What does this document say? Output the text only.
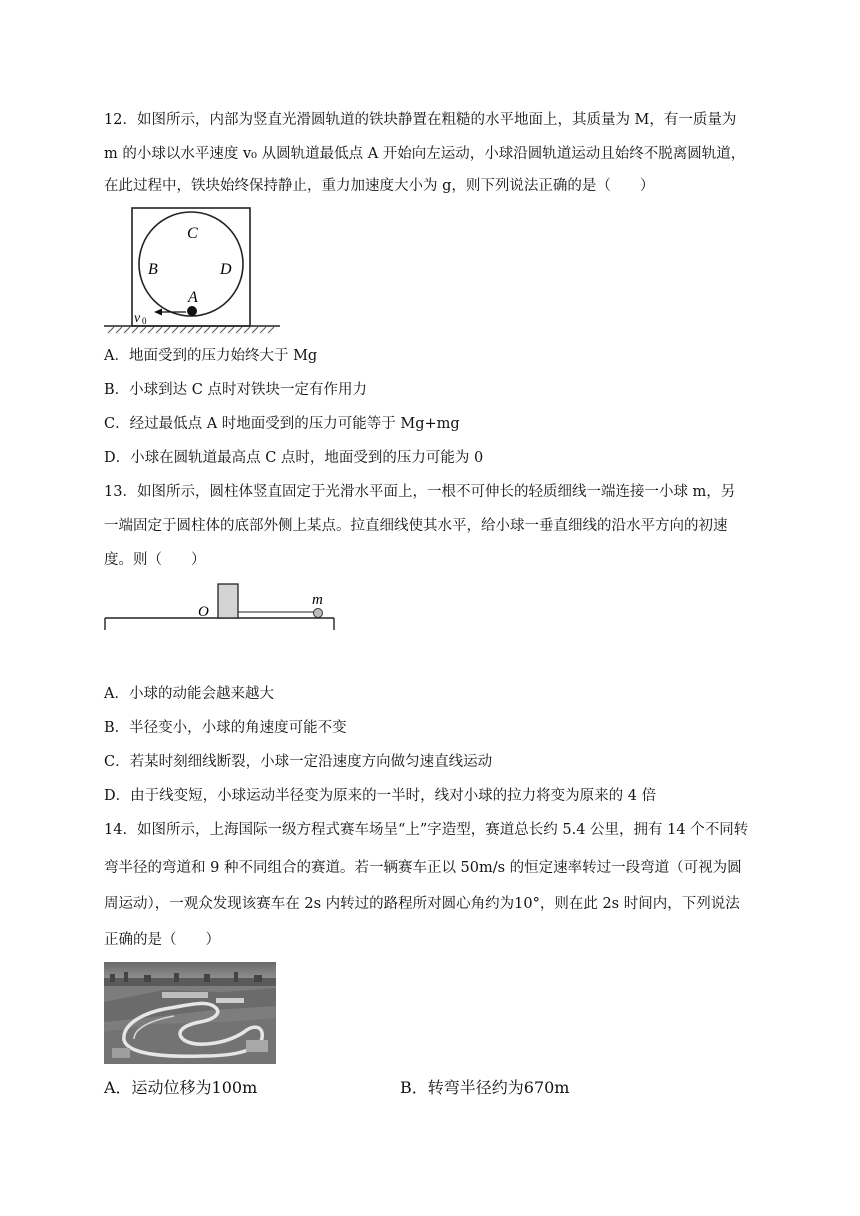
12．如图所示，内部为竖直光滑圆轨道的铁块静置在粗糙的水平地面上，其质量为 M，有一质量为
m 的小球以水平速度 v₀ 从圆轨道最低点 A 开始向左运动，小球沿圆轨道运动且始终不脱离圆轨道，
在此过程中，铁块始终保持静止，重力加速度大小为 g，则下列说法正确的是（　　）
C
B	D
A
v 0
A．地面受到的压力始终大于 Mg
B．小球到达 C 点时对铁块一定有作用力
C．经过最低点 A 时地面受到的压力可能等于 Mg+mg
D．小球在圆轨道最高点 C 点时，地面受到的压力可能为 0
13．如图所示，圆柱体竖直固定于光滑水平面上，一根不可伸长的轻质细线一端连接一小球 m，另
一端固定于圆柱体的底部外侧上某点。拉直细线使其水平，给小球一垂直细线的沿水平方向的初速
度。则（　　）
O
m
A．小球的动能会越来越大
B．半径变小，小球的角速度可能不变
C．若某时刻细线断裂，小球一定沿速度方向做匀速直线运动
D．由于线变短，小球运动半径变为原来的一半时，线对小球的拉力将变为原来的 4 倍
14．如图所示，上海国际一级方程式赛车场呈“上”字造型，赛道总长约 5.4 公里，拥有 14 个不同转
弯半径的弯道和 9 种不同组合的赛道。若一辆赛车正以 50m/s 的恒定速率转过一段弯道（可视为圆
周运动），一观众发现该赛车在 2s 内转过的路程所对圆心角约为10°，则在此 2s 时间内，下列说法
正确的是（　　）
A．运动位移为100m	B．转弯半径约为670m
